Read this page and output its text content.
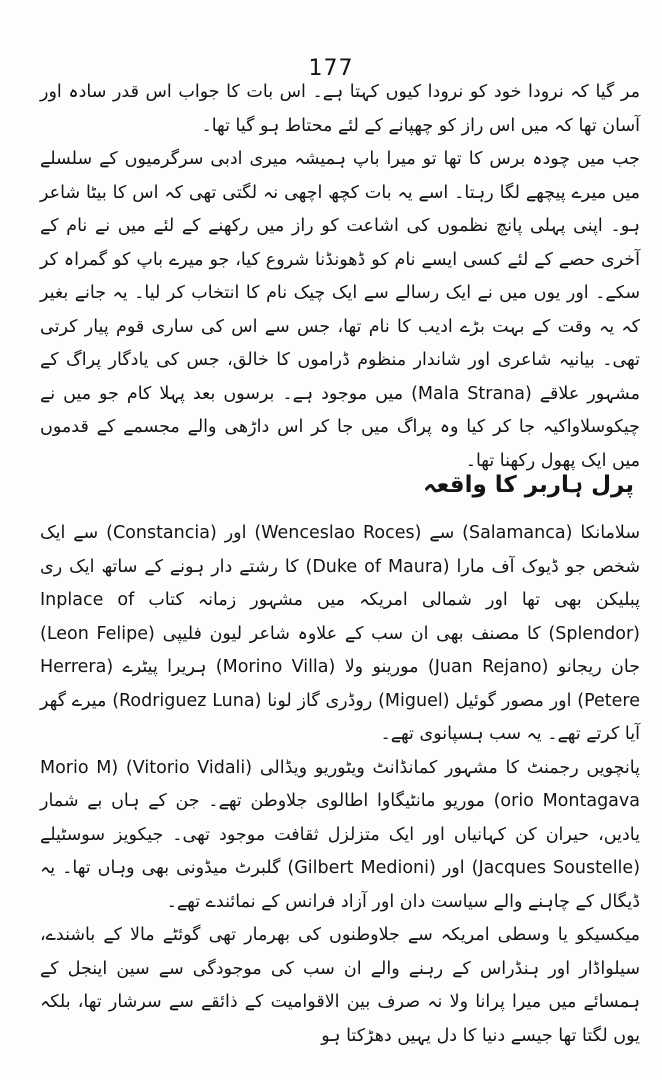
177

مر گیا کہ نرودا خود کو نرودا کیوں کہتا ہے۔ اس بات کا جواب اس قدر سادہ اور آسان تھا کہ میں اس راز کو چھپانے کے لئے محتاط ہو گیا تھا۔

جب میں چودہ برس کا تھا تو میرا باپ ہمیشہ میری ادبی سرگرمیوں کے سلسلے میں میرے پیچھے لگا رہتا۔ اسے یہ بات کچھ اچھی نہ لگتی تھی کہ اس کا بیٹا شاعر ہو۔ اپنی پہلی پانچ نظموں کی اشاعت کو راز میں رکھنے کے لئے میں نے نام کے آخری حصے کے لئے کسی ایسے نام کو ڈھونڈنا شروع کیا، جو میرے باپ کو گمراہ کر سکے۔ اور یوں میں نے ایک رسالے سے ایک چیک نام کا انتخاب کر لیا۔ یہ جانے بغیر کہ یہ وقت کے بہت بڑے ادیب کا نام تھا، جس سے اس کی ساری قوم پیار کرتی تھی۔ بیانیہ شاعری اور شاندار منظوم ڈراموں کا خالق، جس کی یادگار پراگ کے مشہور علاقے (Mala Strana) میں موجود ہے۔ برسوں بعد پہلا کام جو میں نے چیکوسلاواکیہ جا کر کیا وہ پراگ میں جا کر اس داڑھی والے مجسمے کے قدموں میں ایک پھول رکھنا تھا۔

پرل ہاربر کا واقعہ

سلامانکا (Salamanca) سے (Wenceslao Roces) اور (Constancia) سے ایک شخص جو ڈیوک آف مارا (Duke of Maura) کا رشتے دار ہونے کے ساتھ ایک ری پبلیکن بھی تھا اور شمالی امریکہ میں مشہور زمانہ کتاب Inplace of (Splendor) کا مصنف بھی ان سب کے علاوہ شاعر لیون فلیپی (Leon Felipe) جان ریجانو (Juan Rejano) مورینو ولا (Morino Villa) ہریرا پیٹرے (Herrera Petere) اور مصور گوئیل (Miguel) روڈری گاز لونا (Rodriguez Luna) میرے گھر آیا کرتے تھے۔ یہ سب ہسپانوی تھے۔

پانچویں رجمنٹ کا مشہور کمانڈانٹ ویٹوریو ویڈالی (Vitorio Vidali) (Morio M orio Montagava) موریو مانٹیگاوا اطالوی جلاوطن تھے۔ جن کے ہاں بے شمار یادیں، حیران کن کہانیاں اور ایک متزلزل ثقافت موجود تھی۔ جیکویز سوسٹیلے (Jacques Soustelle) اور (Gilbert Medioni) گلبرٹ میڈونی بھی وہاں تھا۔ یہ ڈیگال کے چاہنے والے سیاست دان اور آزاد فرانس کے نمائندے تھے۔

میکسیکو یا وسطی امریکہ سے جلاوطنوں کی بھرمار تھی گوئٹے مالا کے باشندے، سیلواڈار اور ہنڈراس کے رہنے والے ان سب کی موجودگی سے سین اینجل کے ہمسائے میں میرا پرانا ولا نہ صرف بین الاقوامیت کے ذائقے سے سرشار تھا، بلکہ یوں لگتا تھا جیسے دنیا کا دل یہیں دھڑکتا ہو
